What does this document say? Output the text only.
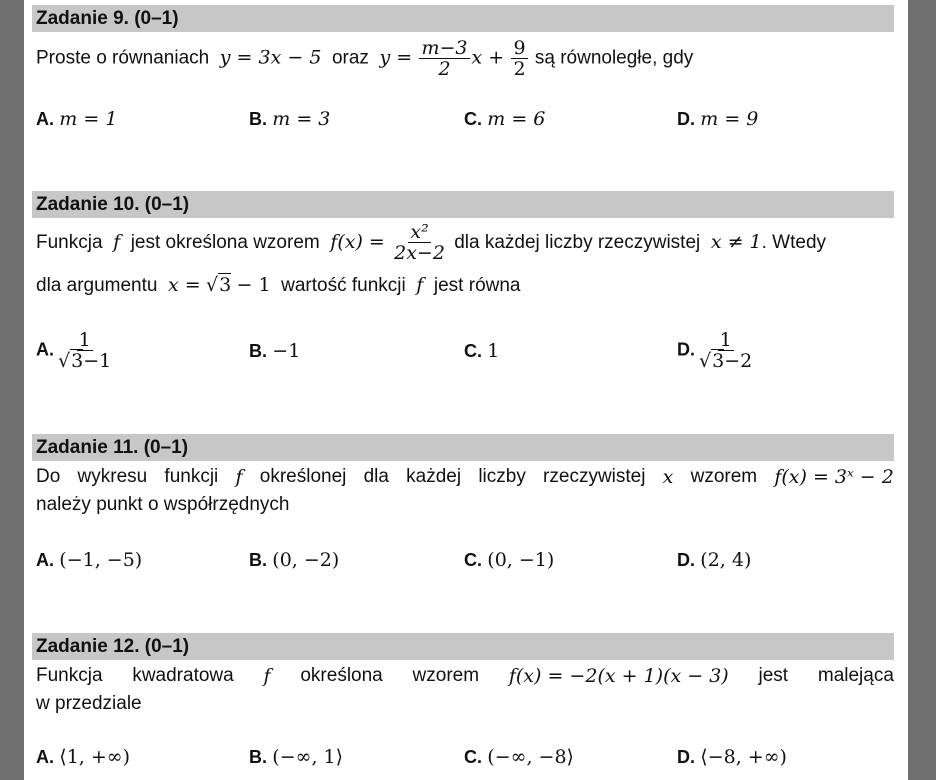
Zadanie 9. (0–1)
Proste o równaniach y = 3x − 5 oraz $y = \frac{m-3}{2}$ $x + \frac{9}{2}$ są równoległe, gdy
A. m = 1	B. m = 3	C. m = 6	D. m = 9
Zadanie 10. (0–1)
Funkcja f jest określona wzorem $f(x) = \frac{\text{x²}}{2x-2}$ dla każdej liczby rzeczywistej x ≠ 1. Wtedy
dla argumentu x = √3 − 1 wartość funkcji f jest równa
A. $\frac{1}{√3-1}$	B. −1	C. 1	D. $\frac{1}{√3-2}$
Zadanie 11. (0–1)
Do wykresu funkcji f określonej dla każdej liczby rzeczywistej x wzorem f(x) = 3ˣ − 2
należy punkt o współrzędnych
A. (−1, −5)	B. (0, −2)	C. (0, −1)	D. (2, 4)
Zadanie 12. (0–1)
Funkcja kwadratowa f określona wzorem f(x) = −2(x + 1)(x − 3) jest malejąca
w przedziale
A. ⟨1, +∞)	B. (−∞, 1⟩	C. (−∞, −8⟩	D. ⟨−8, +∞)
